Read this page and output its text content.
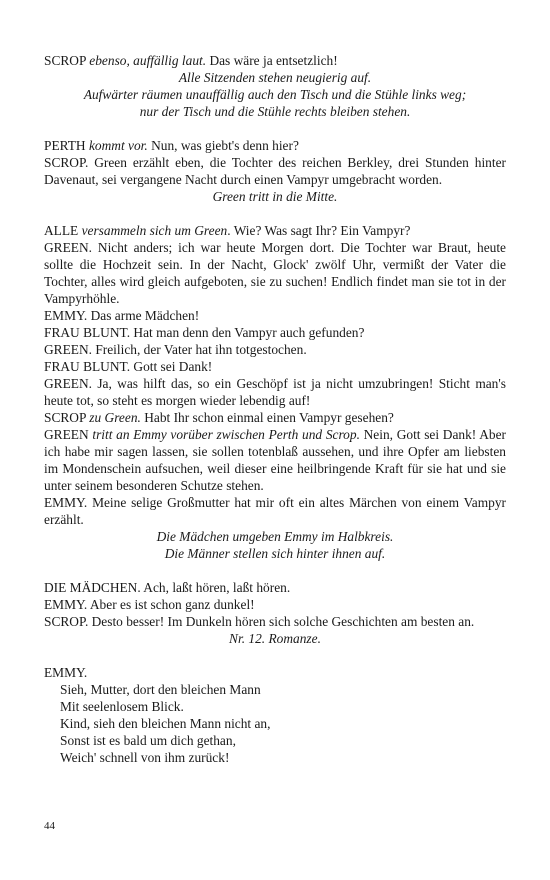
SCROP ebenso, auffällig laut. Das wäre ja entsetzlich!

Alle Sitzenden stehen neugierig auf.

Aufwärter räumen unauffällig auch den Tisch und die Stühle links weg;

nur der Tisch und die Stühle rechts bleiben stehen.

PERTH kommt vor. Nun, was giebt's denn hier?

SCROP. Green erzählt eben, die Tochter des reichen Berkley, drei Stunden hinter Davenaut, sei vergangene Nacht durch einen Vampyr umgebracht worden.

Green tritt in die Mitte.

ALLE versammeln sich um Green. Wie? Was sagt Ihr? Ein Vampyr?

GREEN. Nicht anders; ich war heute Morgen dort. Die Tochter war Braut, heute sollte die Hochzeit sein. In der Nacht, Glock' zwölf Uhr, vermißt der Vater die Tochter, alles wird gleich aufgeboten, sie zu suchen! Endlich findet man sie tot in der Vampyrhöhle.

EMMY. Das arme Mädchen!

FRAU BLUNT. Hat man denn den Vampyr auch gefunden?

GREEN. Freilich, der Vater hat ihn totgestochen.

FRAU BLUNT. Gott sei Dank!

GREEN. Ja, was hilft das, so ein Geschöpf ist ja nicht umzubringen! Sticht man's heute tot, so steht es morgen wieder lebendig auf!

SCROP zu Green. Habt Ihr schon einmal einen Vampyr gesehen?

GREEN tritt an Emmy vorüber zwischen Perth und Scrop. Nein, Gott sei Dank! Aber ich habe mir sagen lassen, sie sollen totenblaß aussehen, und ihre Opfer am liebsten im Mondenschein aufsuchen, weil dieser eine heilbringende Kraft für sie hat und sie unter seinem besonderen Schutze stehen.

EMMY. Meine selige Großmutter hat mir oft ein altes Märchen von einem Vampyr erzählt.

Die Mädchen umgeben Emmy im Halbkreis.

Die Männer stellen sich hinter ihnen auf.

DIE MÄDCHEN. Ach, laßt hören, laßt hören.

EMMY. Aber es ist schon ganz dunkel!

SCROP. Desto besser! Im Dunkeln hören sich solche Geschichten am besten an.

Nr. 12. Romanze.

EMMY.

Sieh, Mutter, dort den bleichen Mann

Mit seelenlosem Blick.

Kind, sieh den bleichen Mann nicht an,

Sonst ist es bald um dich gethan,

Weich' schnell von ihm zurück!

44
